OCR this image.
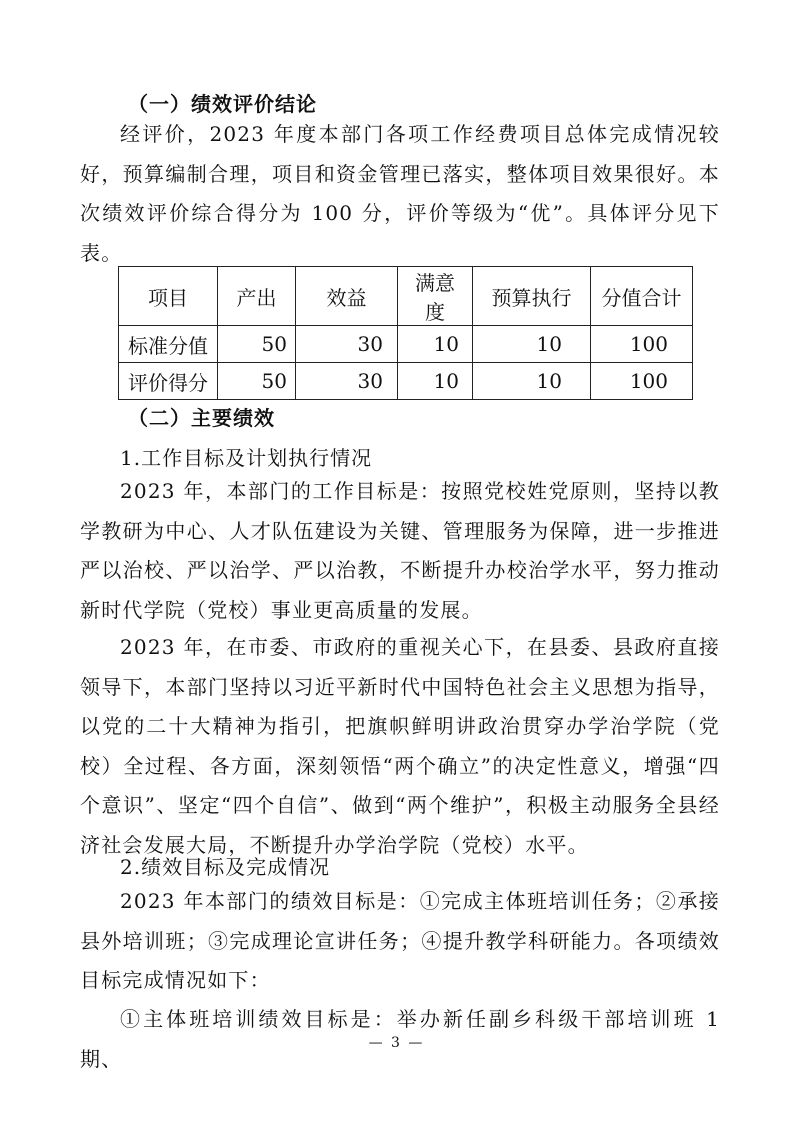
（一）绩效评价结论
经评价，2023 年度本部门各项工作经费项目总体完成情况较好，预算编制合理，项目和资金管理已落实，整体项目效果很好。本次绩效评价综合得分为 100 分，评价等级为“优”。具体评分见下表。
项目	产出	效益	满意度	预算执行	分值合计
标准分值	50	30	10	10	100
评价得分	50	30	10	10	100
（二）主要绩效
1.工作目标及计划执行情况
2023 年，本部门的工作目标是：按照党校姓党原则，坚持以教学教研为中心、人才队伍建设为关键、管理服务为保障，进一步推进严以治校、严以治学、严以治教，不断提升办校治学水平，努力推动新时代学院（党校）事业更高质量的发展。
2023 年，在市委、市政府的重视关心下，在县委、县政府直接领导下，本部门坚持以习近平新时代中国特色社会主义思想为指导，以党的二十大精神为指引，把旗帜鲜明讲政治贯穿办学治学院（党校）全过程、各方面，深刻领悟“两个确立”的决定性意义，增强“四个意识”、坚定“四个自信”、做到“两个维护”，积极主动服务全县经济社会发展大局，不断提升办学治学院（党校）水平。
2.绩效目标及完成情况
2023 年本部门的绩效目标是：①完成主体班培训任务；②承接县外培训班；③完成理论宣讲任务；④提升教学科研能力。各项绩效目标完成情况如下：
①主体班培训绩效目标是：举办新任副乡科级干部培训班 1 期、
— 3 —
